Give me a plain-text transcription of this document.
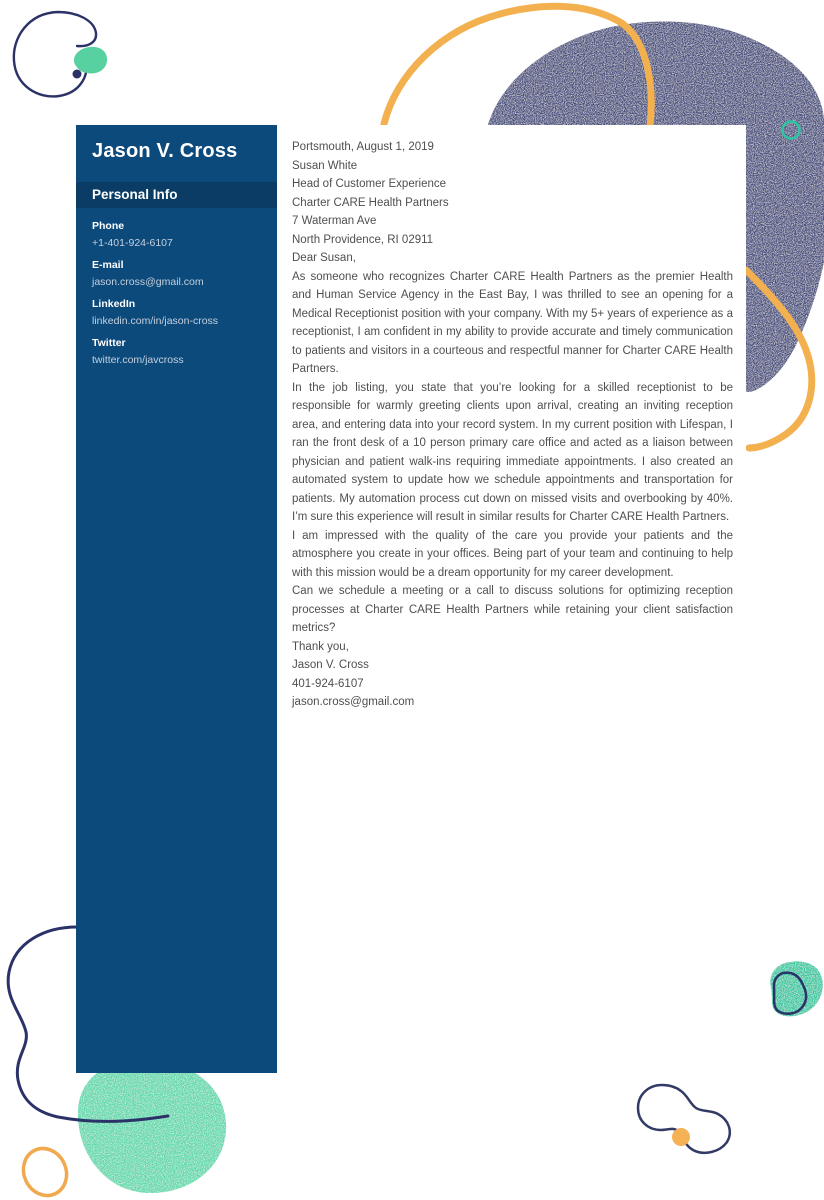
Jason V. Cross
Personal Info
Phone
+1-401-924-6107
E-mail
jason.cross@gmail.com
LinkedIn
linkedin.com/in/jason-cross
Twitter
twitter.com/javcross
Portsmouth, August 1, 2019
Susan White
Head of Customer Experience
Charter CARE Health Partners
7 Waterman Ave
North Providence, RI 02911
Dear Susan,
As someone who recognizes Charter CARE Health Partners as the premier Health and Human Service Agency in the East Bay, I was thrilled to see an opening for a Medical Receptionist position with your company. With my 5+ years of experience as a receptionist, I am confident in my ability to provide accurate and timely communication to patients and visitors in a courteous and respectful manner for Charter CARE Health Partners.
In the job listing, you state that you’re looking for a skilled receptionist to be responsible for warmly greeting clients upon arrival, creating an inviting reception area, and entering data into your record system. In my current position with Lifespan, I ran the front desk of a 10 person primary care office and acted as a liaison between physician and patient walk-ins requiring immediate appointments. I also created an automated system to update how we schedule appointments and transportation for patients. My automation process cut down on missed visits and overbooking by 40%. I’m sure this experience will result in similar results for Charter CARE Health Partners.
I am impressed with the quality of the care you provide your patients and the atmosphere you create in your offices. Being part of your team and continuing to help with this mission would be a dream opportunity for my career development.
Can we schedule a meeting or a call to discuss solutions for optimizing reception processes at Charter CARE Health Partners while retaining your client satisfaction metrics?
Thank you,
Jason V. Cross
401-924-6107
jason.cross@gmail.com
